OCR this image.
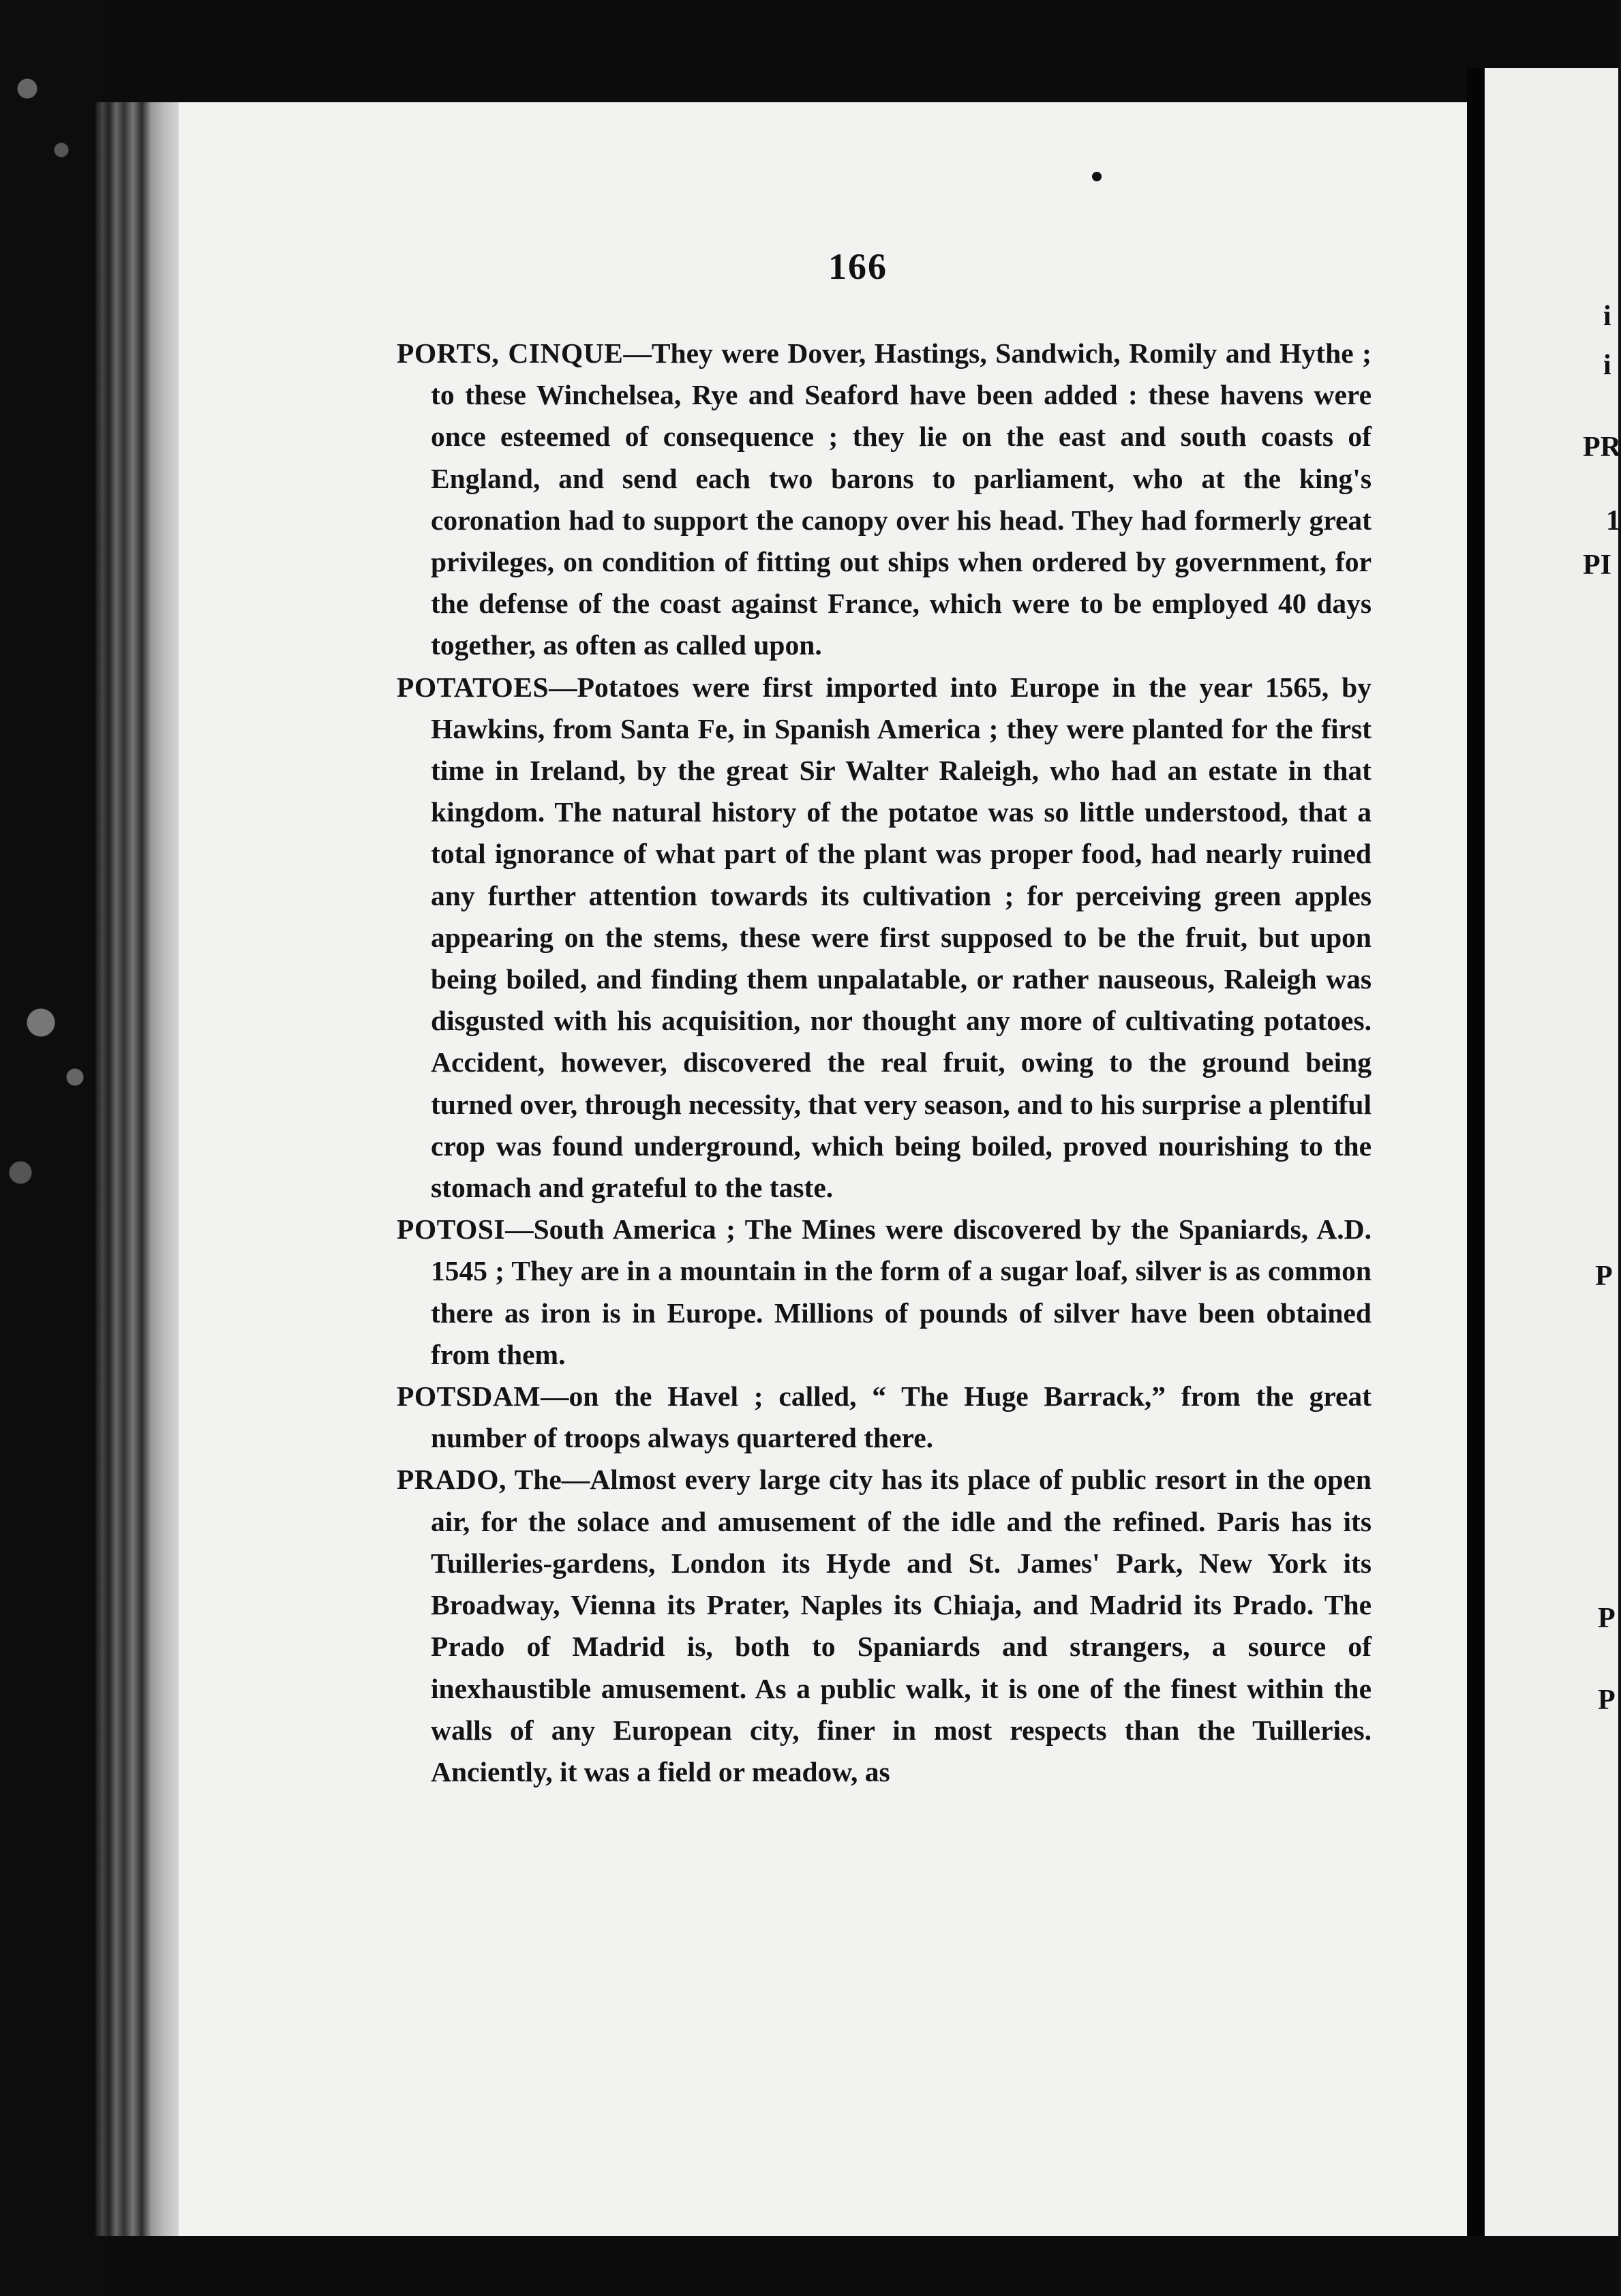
166

PORTS, CINQUE—They were Dover, Hastings, Sandwich, Romily and Hythe ; to these Winchelsea, Rye and Seaford have been added : these havens were once esteemed of consequence ; they lie on the east and south coasts of England, and send each two barons to parliament, who at the king's coronation had to support the canopy over his head. They had formerly great privileges, on condition of fitting out ships when ordered by government, for the defense of the coast against France, which were to be employed 40 days together, as often as called upon.

POTATOES—Potatoes were first imported into Europe in the year 1565, by Hawkins, from Santa Fe, in Spanish America ; they were planted for the first time in Ireland, by the great Sir Walter Raleigh, who had an estate in that kingdom. The natural history of the potatoe was so little understood, that a total ignorance of what part of the plant was proper food, had nearly ruined any further attention towards its cultivation ; for perceiving green apples appearing on the stems, these were first supposed to be the fruit, but upon being boiled, and finding them unpalatable, or rather nauseous, Raleigh was disgusted with his acquisition, nor thought any more of cultivating potatoes. Accident, however, discovered the real fruit, owing to the ground being turned over, through necessity, that very season, and to his surprise a plentiful crop was found underground, which being boiled, proved nourishing to the stomach and grateful to the taste.

POTOSI—South America ; The Mines were discovered by the Spaniards, A.D. 1545 ; They are in a mountain in the form of a sugar loaf, silver is as common there as iron is in Europe. Millions of pounds of silver have been obtained from them.

POTSDAM—on the Havel ; called, “ The Huge Barrack,” from the great number of troops always quartered there.

PRADO, The—Almost every large city has its place of public resort in the open air, for the solace and amusement of the idle and the refined. Paris has its Tuilleries-gardens, London its Hyde and St. James' Park, New York its Broadway, Vienna its Prater, Naples its Chiaja, and Madrid its Prado. The Prado of Madrid is, both to Spaniards and strangers, a source of inexhaustible amusement. As a public walk, it is one of the finest within the walls of any European city, finer in most respects than the Tuilleries. Anciently, it was a field or meadow, as

i
i
PR
1
PI
P
P
P
